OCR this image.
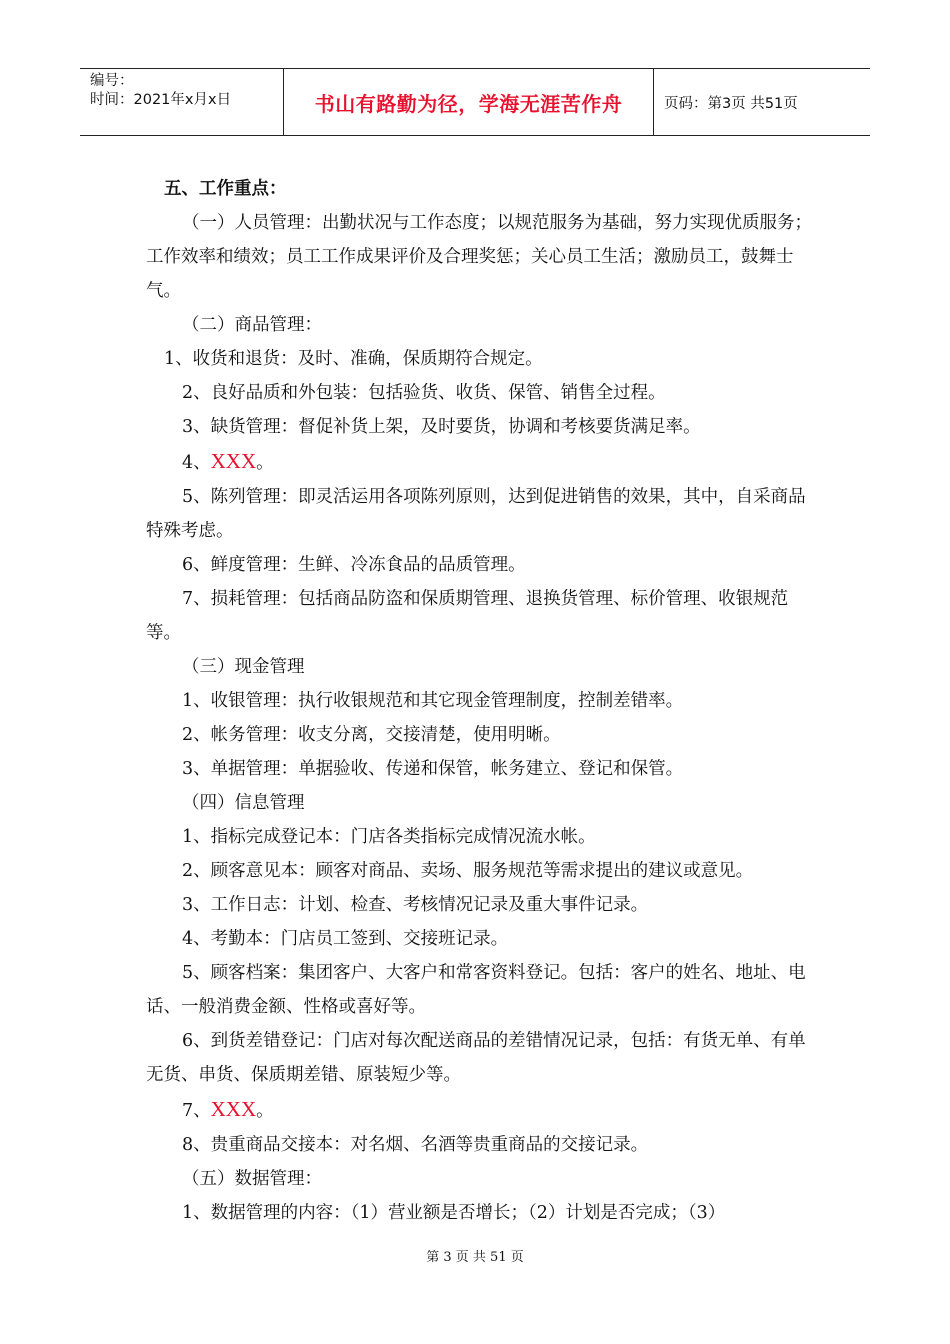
编号：
时间：2021年x月x日	书山有路勤为径，学海无涯苦作舟	页码：第3页 共51页

五、工作重点：

（一）人员管理：出勤状况与工作态度；以规范服务为基础，努力实现优质服务；工作效率和绩效；员工工作成果评价及合理奖惩；关心员工生活；激励员工，鼓舞士气。

（二）商品管理：

1、收货和退货：及时、准确，保质期符合规定。

2、良好品质和外包装：包括验货、收货、保管、销售全过程。

3、缺货管理：督促补货上架，及时要货，协调和考核要货满足率。

4、XXX。

5、陈列管理：即灵活运用各项陈列原则，达到促进销售的效果，其中，自采商品特殊考虑。

6、鲜度管理：生鲜、冷冻食品的品质管理。

7、损耗管理：包括商品防盗和保质期管理、退换货管理、标价管理、收银规范等。

（三）现金管理

1、收银管理：执行收银规范和其它现金管理制度，控制差错率。

2、帐务管理：收支分离，交接清楚，使用明晰。

3、单据管理：单据验收、传递和保管，帐务建立、登记和保管。

（四）信息管理

1、指标完成登记本：门店各类指标完成情况流水帐。

2、顾客意见本：顾客对商品、卖场、服务规范等需求提出的建议或意见。

3、工作日志：计划、检查、考核情况记录及重大事件记录。

4、考勤本：门店员工签到、交接班记录。

5、顾客档案：集团客户、大客户和常客资料登记。包括：客户的姓名、地址、电话、一般消费金额、性格或喜好等。

6、到货差错登记：门店对每次配送商品的差错情况记录，包括：有货无单、有单无货、串货、保质期差错、原装短少等。

7、XXX。

8、贵重商品交接本：对名烟、名酒等贵重商品的交接记录。

（五）数据管理：

1、数据管理的内容：（1）营业额是否增长；（2）计划是否完成；（3）

第 3 页 共 51 页
